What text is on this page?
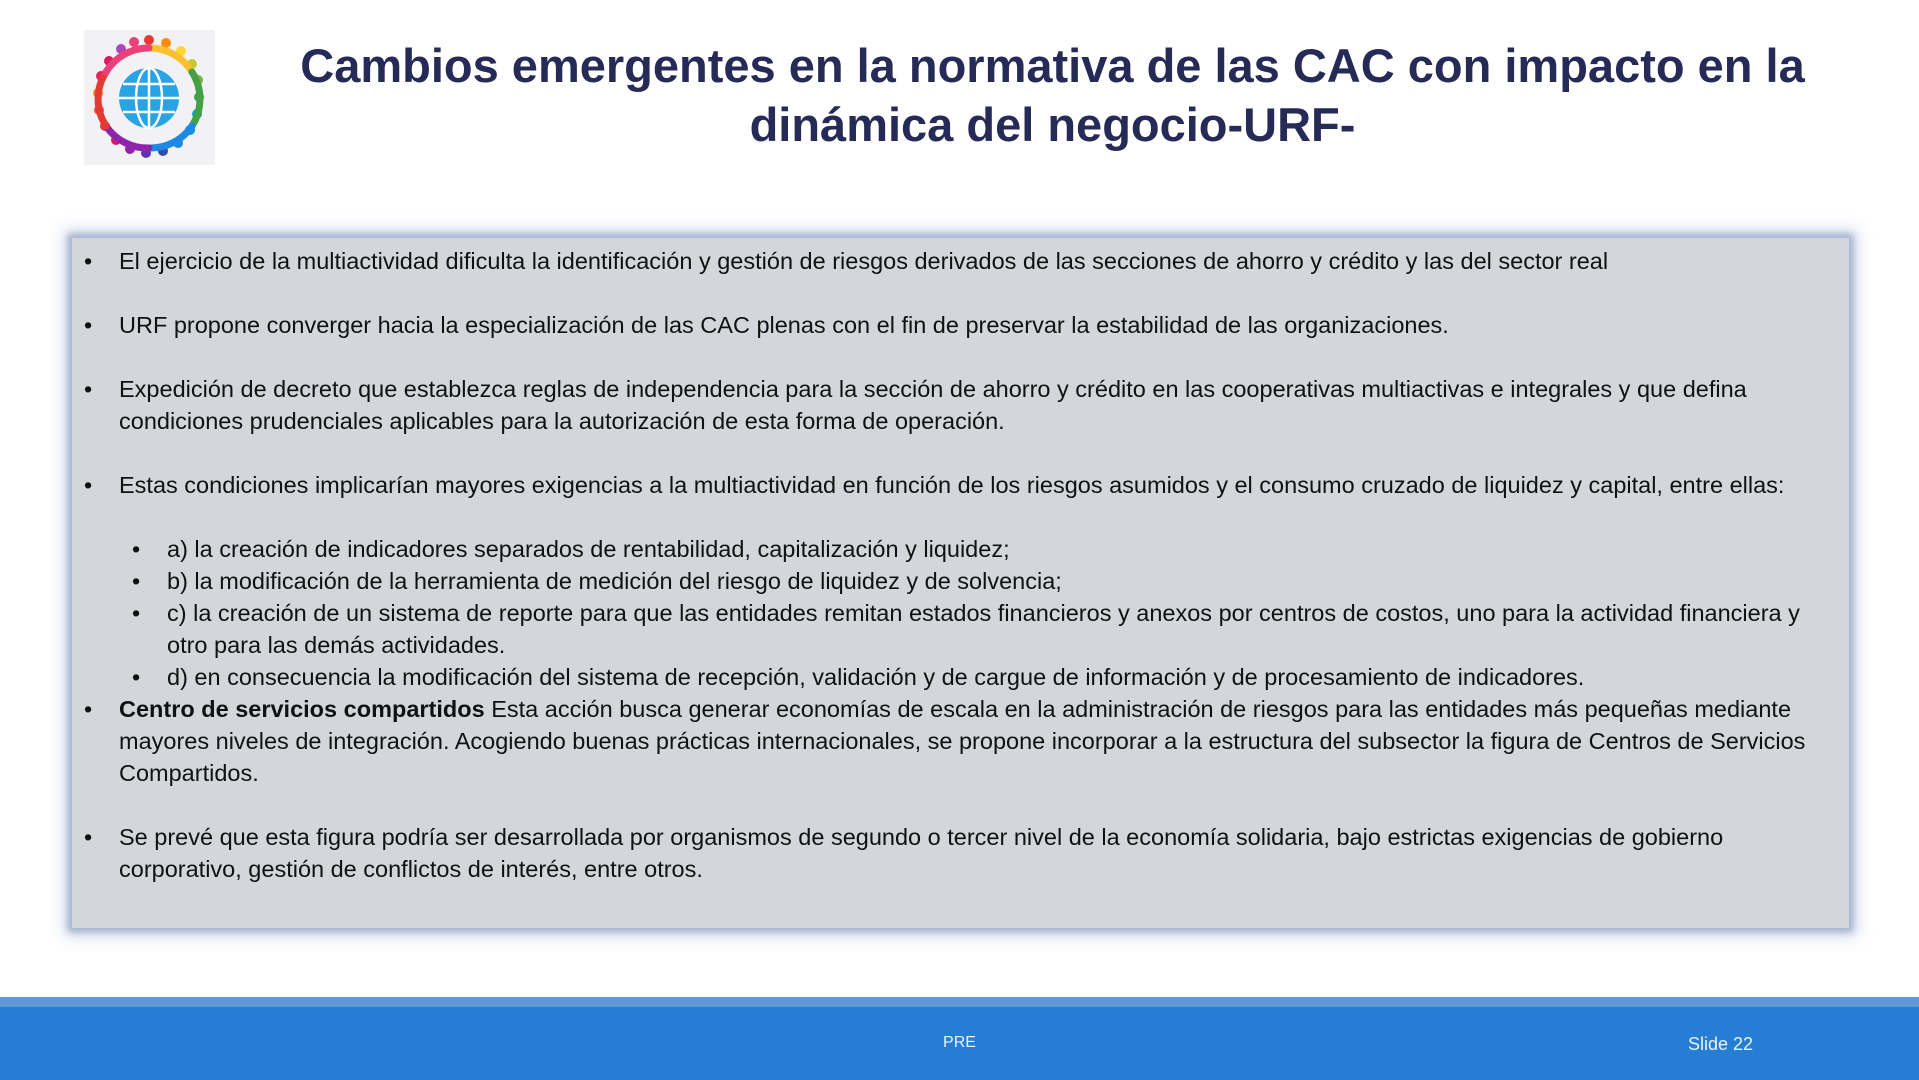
Cambios emergentes en la normativa de las CAC con impacto en la dinámica del negocio-URF-
•	El ejercicio de la multiactividad dificulta la identificación y gestión de riesgos derivados de las secciones de ahorro y crédito y las del sector real
•	URF propone converger hacia la especialización de las CAC plenas con el fin de preservar la estabilidad de las organizaciones.
•	Expedición de decreto que establezca reglas de independencia para la sección de ahorro y crédito en las cooperativas multiactivas e integrales y que defina condiciones prudenciales aplicables para la autorización de esta forma de operación.
•	Estas condiciones implicarían mayores exigencias a la multiactividad en función de los riesgos asumidos y el consumo cruzado de liquidez y capital, entre ellas:
• a) la creación de indicadores separados de rentabilidad, capitalización y liquidez;
• b) la modificación de la herramienta de medición del riesgo de liquidez y de solvencia;
• c) la creación de un sistema de reporte para que las entidades remitan estados financieros y anexos por centros de costos, uno para la actividad financiera y otro para las demás actividades.
• d) en consecuencia la modificación del sistema de recepción, validación y de cargue de información y de procesamiento de indicadores.
•	Centro de servicios compartidos Esta acción busca generar economías de escala en la administración de riesgos para las entidades más pequeñas mediante mayores niveles de integración. Acogiendo buenas prácticas internacionales, se propone incorporar a la estructura del subsector la figura de Centros de Servicios Compartidos.
•	Se prevé que esta figura podría ser desarrollada por organismos de segundo o tercer nivel de la economía solidaria, bajo estrictas exigencias de gobierno corporativo, gestión de conflictos de interés, entre otros.
PRE	Slide 22
